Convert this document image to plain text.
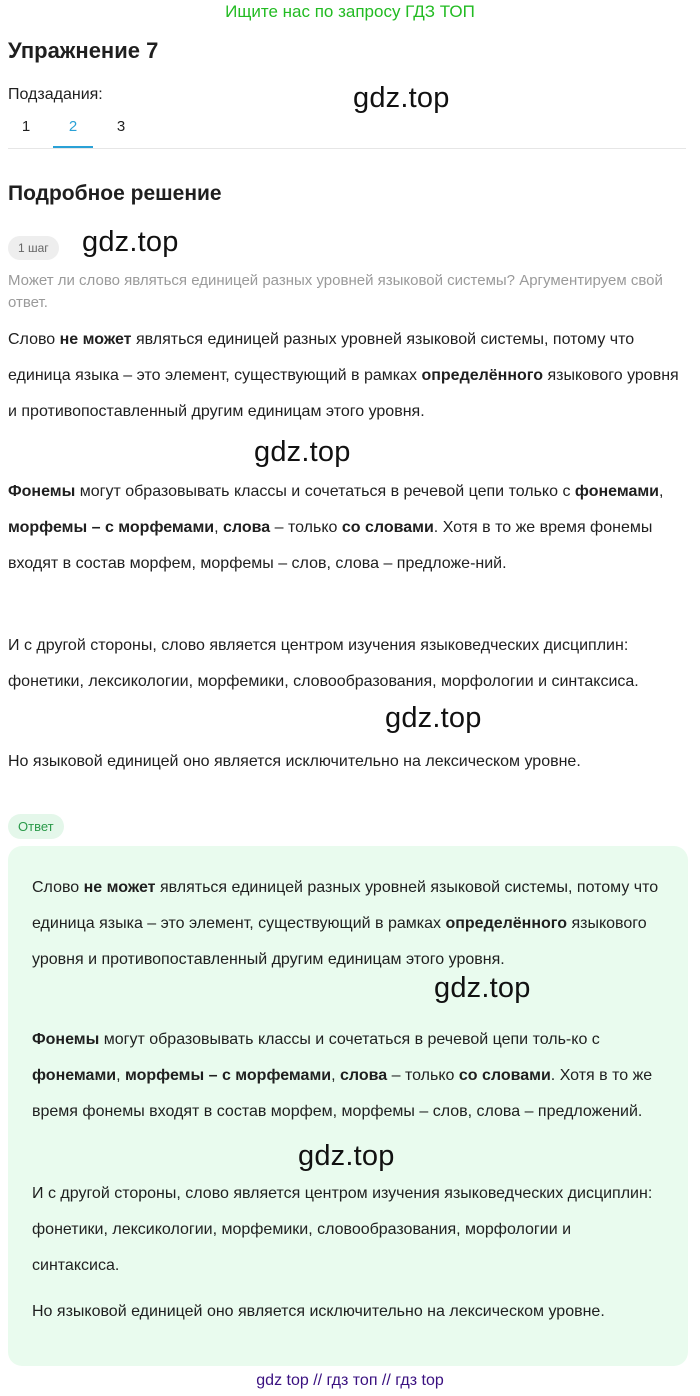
Ищите нас по запросу ГДЗ ТОП
Упражнение 7
Подзадания:	gdz.top
1	2	3
Подробное решение
1 шаг	gdz.top
Может ли слово являться единицей разных уровней языковой системы? Аргументируем свой ответ.
Слово не может являться единицей разных уровней языковой системы, потому что единица языка – это элемент, существующий в рамках определённого языкового уровня и противопоставленный другим единицам этого уровня.
gdz.top
Фонемы могут образовывать классы и сочетаться в речевой цепи только с фонемами, морфемы – с морфемами, слова – только со словами. Хотя в то же время фонемы входят в состав морфем, морфемы – слов, слова – предложе-ний.
И с другой стороны, слово является центром изучения языковедческих дисциплин: фонетики, лексикологии, морфемики, словообразования, морфологии и синтаксиса.
gdz.top
Но языковой единицей оно является исключительно на лексическом уровне.
Ответ
Слово не может являться единицей разных уровней языковой системы, потому что единица языка – это элемент, существующий в рамках определённого языкового уровня и противопоставленный другим единицам этого уровня.
gdz.top
Фонемы могут образовывать классы и сочетаться в речевой цепи толь-ко с фонемами, морфемы – с морфемами, слова – только со словами. Хотя в то же время фонемы входят в состав морфем, морфемы – слов, слова – предложений.
gdz.top
И с другой стороны, слово является центром изучения языковедческих дисциплин: фонетики, лексикологии, морфемики, словообразования, морфологии и синтаксиса.
Но языковой единицей оно является исключительно на лексическом уровне.
gdz top // гдз топ // гдз top
